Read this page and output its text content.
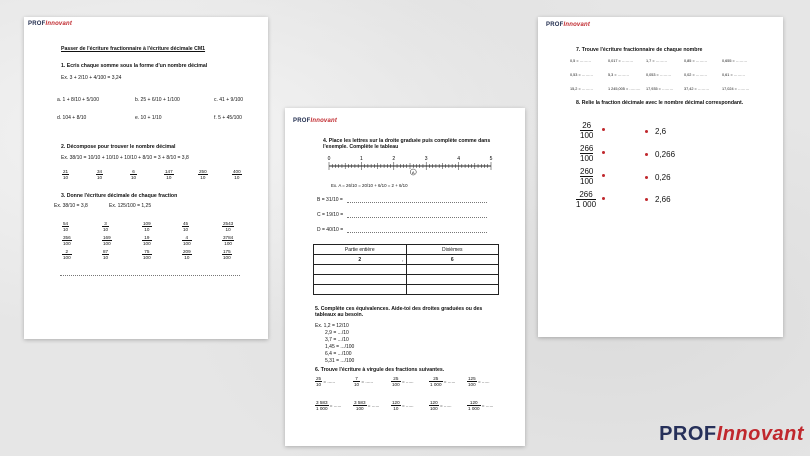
PROFInnovant
Passer de l'écriture fractionnaire à l'écriture décimale CM1
1. Ecris chaque somme sous la forme d'un nombre décimal
Ex. 3 + 2/10 + 4/100 = 3,24
a. 1 + 8/10 + 5/100	b. 25 + 6/10 + 1/100	c. 41 + 9/100
d. 104 + 8/10	e. 10 + 1/10	f. 5 + 45/100
2. Décompose pour trouver le nombre décimal
Ex. 38/10 = 10/10 + 10/10 + 10/10 + 8/10 = 3 + 8/10 = 3,8
$\frac{21}{10}$	$\frac{34}{10}$	$\frac{6}{10}$	$\frac{147}{10}$	$\frac{250}{10}$	$\frac{400}{10}$
3. Donne l'écriture décimale de chaque fraction
Ex. 38/10 = 3,8	Ex. 125/100 = 1,25
$\frac{54}{10}$	$\frac{3}{10}$	$\frac{109}{10}$	$\frac{45}{10}$	$\frac{2543}{10}$
$\frac{356}{100}$	$\frac{169}{100}$	$\frac{19}{100}$	$\frac{4}{100}$	$\frac{3784}{100}$
$\frac{2}{100}$	$\frac{87}{10}$	$\frac{75}{100}$	$\frac{209}{10}$	$\frac{175}{100}$
PROFInnovant
4. Place les lettres sur la droite graduée puis complète comme dans l'exemple. Complète le tableau
0	1	2	3	4	5
A
Ex. A = 26/10 = 20/10 + 6/10 = 2 + 6/10
B = 31/10 =
C = 19/10 =
D = 40/10 =
Partie entière	Dixièmes
2 ,	6

5. Complète ces équivalences. Aide-toi des droites graduées ou des tableaux au besoin.
Ex. 1,2 = 12/10
2,9 = .../10
3,7 = .../10
1,45 = .../100
6,4 = .../100
5,31 = .../100
6. Trouve l'écriture à virgule des fractions suivantes.
$\frac{25}{10}$ = ......	$\frac{7}{10}$ = ......	$\frac{25}{100}$ = ......	$\frac{25}{1 000}$ = ......	$\frac{125}{100}$ = ......
$\frac{3 583}{1 000}$ = ......	$\frac{3 583}{100}$ = ......	$\frac{120}{10}$ = ......	$\frac{120}{100}$ = ......	$\frac{120}{1 000}$ = ......
PROFInnovant
7. Trouve l'écriture fractionnaire de chaque nombre
0,5 = ………	0,017 = ………	1,7 = ………	0,85 = ………	0,655 = ………
0,53 = ………	5,3 = ………	0,053 = ………	0,02 = ………	0,61 = ………
15,2 = ………	1 245,005 = ……… 17,935 = ………	37,42 = ………	17,024 = ………
8. Relie la fraction décimale avec le nombre décimal correspondant.
26
100
266
100
260
100
266
1 000
2,6
0,266
0,26
2,66
PROFInnovant
